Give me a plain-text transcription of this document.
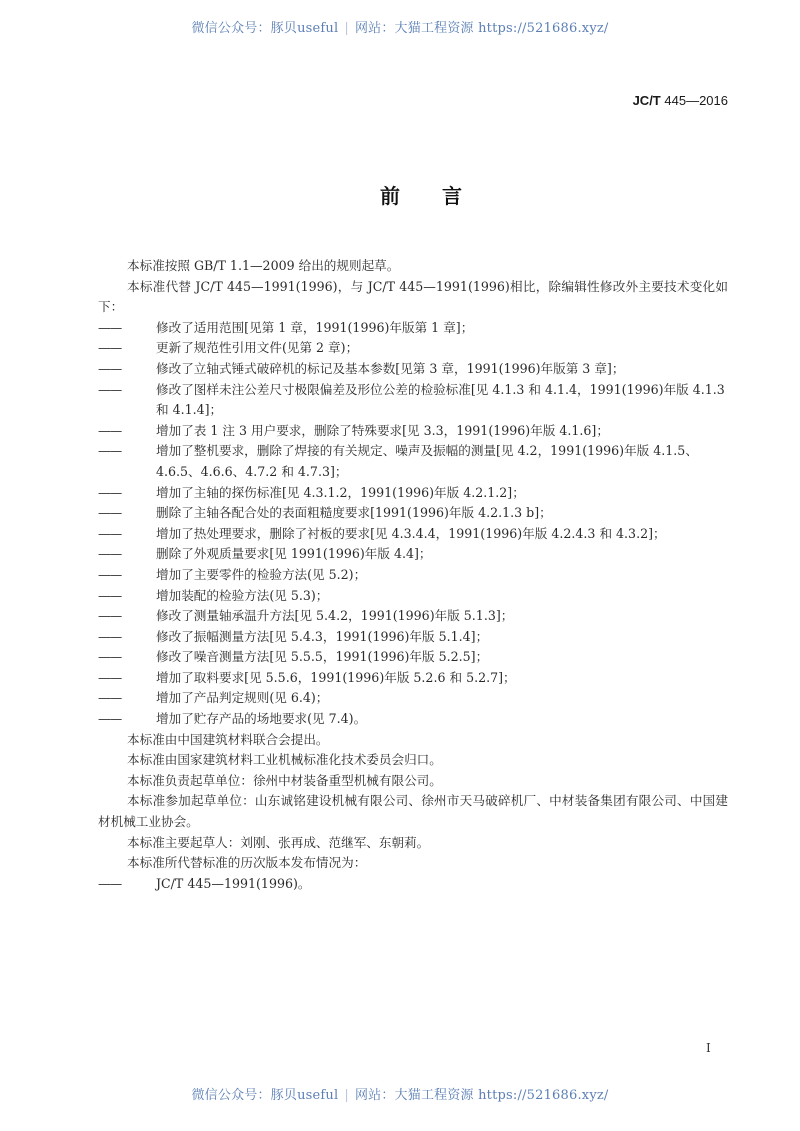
微信公众号：豚贝useful | 网站：大猫工程资源 https://521686.xyz/
JC/T 445—2016
前言

本标准按照 GB/T 1.1—2009 给出的规则起草。

本标准代替 JC/T 445—1991(1996)，与 JC/T 445—1991(1996)相比，除编辑性修改外主要技术变化如下：

——	修改了适用范围[见第 1 章，1991(1996)年版第 1 章]；

——	更新了规范性引用文件(见第 2 章)；

——	修改了立轴式锤式破碎机的标记及基本参数[见第 3 章，1991(1996)年版第 3 章]；

——	修改了图样未注公差尺寸极限偏差及形位公差的检验标准[见 4.1.3 和 4.1.4，1991(1996)年版 4.1.3 和 4.1.4]；

——	增加了表 1 注 3 用户要求，删除了特殊要求[见 3.3，1991(1996)年版 4.1.6]；

——	增加了整机要求，删除了焊接的有关规定、噪声及振幅的测量[见 4.2，1991(1996)年版 4.1.5、4.6.5、4.6.6、4.7.2 和 4.7.3]；

——	增加了主轴的探伤标准[见 4.3.1.2，1991(1996)年版 4.2.1.2]；

——	删除了主轴各配合处的表面粗糙度要求[1991(1996)年版 4.2.1.3 b]；

——	增加了热处理要求，删除了衬板的要求[见 4.3.4.4，1991(1996)年版 4.2.4.3 和 4.3.2]；

——	删除了外观质量要求[见 1991(1996)年版 4.4]；

——	增加了主要零件的检验方法(见 5.2)；

——	增加装配的检验方法(见 5.3)；

——	修改了测量轴承温升方法[见 5.4.2，1991(1996)年版 5.1.3]；

——	修改了振幅测量方法[见 5.4.3，1991(1996)年版 5.1.4]；

——	修改了噪音测量方法[见 5.5.5，1991(1996)年版 5.2.5]；

——	增加了取料要求[见 5.5.6，1991(1996)年版 5.2.6 和 5.2.7]；

——	增加了产品判定规则(见 6.4)；

——	增加了贮存产品的场地要求(见 7.4)。

本标准由中国建筑材料联合会提出。

本标准由国家建筑材料工业机械标准化技术委员会归口。

本标准负责起草单位：徐州中材装备重型机械有限公司。

本标准参加起草单位：山东诚铭建设机械有限公司、徐州市天马破碎机厂、中材装备集团有限公司、中国建材机械工业协会。

本标准主要起草人：刘刚、张再成、范继军、东朝莉。

本标准所代替标准的历次版本发布情况为：

——	JC/T 445—1991(1996)。

I
微信公众号：豚贝useful | 网站：大猫工程资源 https://521686.xyz/
